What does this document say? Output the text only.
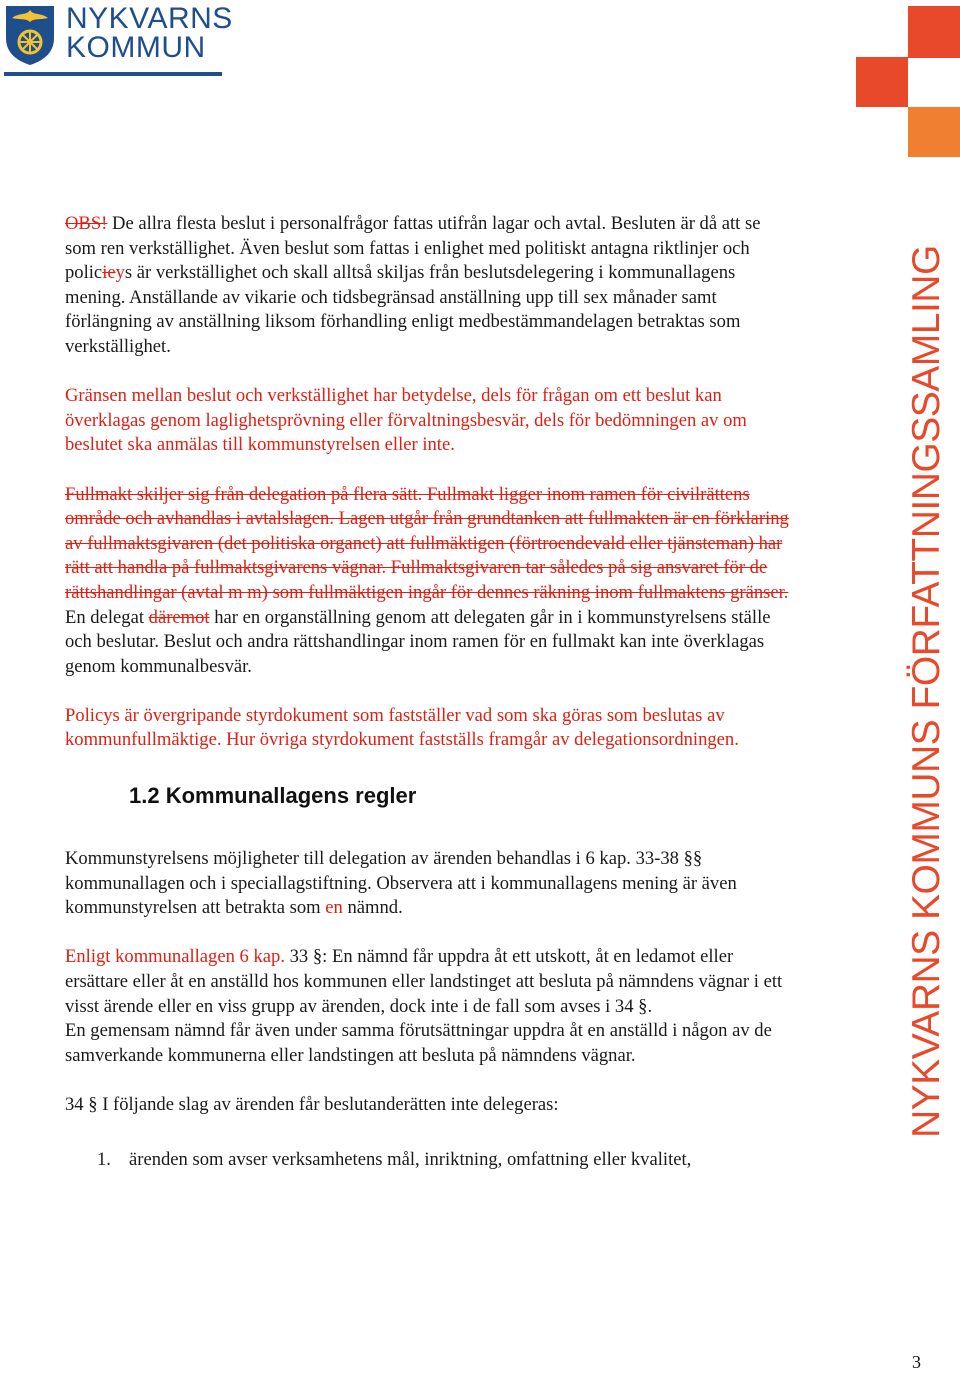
NYKVARNS
KOMMUN
NYKVARNS KOMMUNS FÖRFATTNINGSSAMLING

OBS! De allra flesta beslut i personalfrågor fattas utifrån lagar och avtal. Besluten är då att se som ren verkställighet. Även beslut som fattas i enlighet med politiskt antagna riktlinjer och policieys är verkställighet och skall alltså skiljas från beslutsdelegering i kommunallagens mening. Anställande av vikarie och tidsbegränsad anställning upp till sex månader samt förlängning av anställning liksom förhandling enligt medbestämmandelagen betraktas som verkställighet.

Gränsen mellan beslut och verkställighet har betydelse, dels för frågan om ett beslut kan överklagas genom laglighetsprövning eller förvaltningsbesvär, dels för bedömningen av om beslutet ska anmälas till kommunstyrelsen eller inte.

Fullmakt skiljer sig från delegation på flera sätt. Fullmakt ligger inom ramen för civilrättens område och avhandlas i avtalslagen. Lagen utgår från grundtanken att fullmakten är en förklaring av fullmaktsgivaren (det politiska organet) att fullmäktigen (förtroendevald eller tjänsteman) har rätt att handla på fullmaktsgivarens vägnar. Fullmaktsgivaren tar således på sig ansvaret för de rättshandlingar (avtal m m) som fullmäktigen ingår för dennes räkning inom fullmaktens gränser. En delegat däremot har en organställning genom att delegaten går in i kommunstyrelsens ställe och beslutar. Beslut och andra rättshandlingar inom ramen för en fullmakt kan inte överklagas genom kommunalbesvär.

Policys är övergripande styrdokument som fastställer vad som ska göras som beslutas av kommunfullmäktige. Hur övriga styrdokument fastställs framgår av delegationsordningen.

1.2 Kommunallagens regler

Kommunstyrelsens möjligheter till delegation av ärenden behandlas i 6 kap. 33-38 §§ kommunallagen och i speciallagstiftning. Observera att i kommunallagens mening är även kommunstyrelsen att betrakta som en nämnd.

Enligt kommunallagen 6 kap. 33 §: En nämnd får uppdra åt ett utskott, åt en ledamot eller ersättare eller åt en anställd hos kommunen eller landstinget att besluta på nämndens vägnar i ett visst ärende eller en viss grupp av ärenden, dock inte i de fall som avses i 34 §.

En gemensam nämnd får även under samma förutsättningar uppdra åt en anställd i någon av de samverkande kommunerna eller landstingen att besluta på nämndens vägnar.

34 § I följande slag av ärenden får beslutanderätten inte delegeras:

1. ärenden som avser verksamhetens mål, inriktning, omfattning eller kvalitet,
3
